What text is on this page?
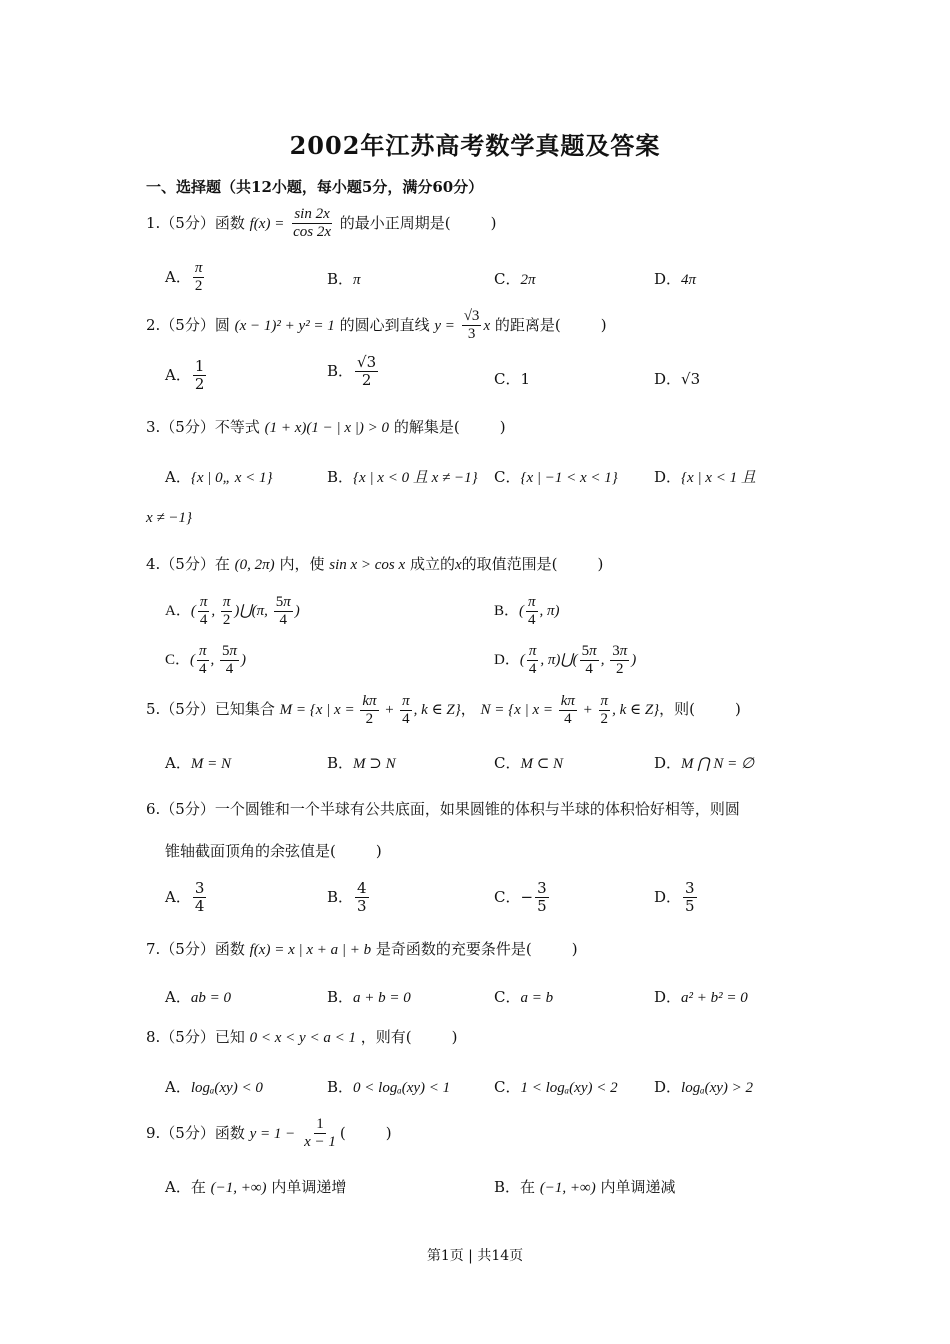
2002年江苏高考数学真题及答案
一、选择题（共12小题，每小题5分，满分60分）
1.（5分）函数 $f(x) = \frac{\sin 2x}{\cos 2x}$ 的最小正周期是(	)
A． $\frac{\pi}{2}$	B．π	C．2π	D．4π
2.（5分）圆 (x − 1)² + y² = 1 的圆心到直线 $y = \frac{√3}{3}$ x 的距离是(	)
A． $\frac{1}{2}$	B． $\frac{√3}{2}$	C．1	D．√3
3.（5分）不等式 (1 + x)(1 − | x |) > 0 的解集是(	)
A．{x | 0„ x < 1}	B．{x | x < 0 且 x ≠ −1} C．{x | −1 < x < 1} D．{x | x < 1 且
x ≠ −1}
4.（5分）在 (0, 2π) 内，使 sin x > cos x 成立的x的取值范围是(	)
A．( $\frac{\pi}{4}$ , $\frac{\pi}{2}$ )⋃(π, $\frac{5\pi}{4}$ )	B．( $\frac{\pi}{4}$ , π)
C．( $\frac{\pi}{4}$ , $\frac{5\pi}{4}$ )	D．( $\frac{\pi}{4}$ , π)⋃( $\frac{5\pi}{4}$ , $\frac{3\pi}{2}$ )
5.（5分）已知集合 M = {x | $x = \frac{k\pi}{2} + \frac{\pi}{4}$ , k ∈ Z}， N = {x | $x = \frac{k\pi}{4} + \frac{\pi}{2}$ , k ∈ Z}，则(	)
A．M = N	B．M ⊃ N	C．M ⊂ N	D．M ⋂ N = ∅
6.（5分）一个圆锥和一个半球有公共底面，如果圆锥的体积与半球的体积恰好相等，则圆
锥轴截面顶角的余弦值是(	)
A． $\frac{3}{4}$	B． $\frac{4}{3}$	C．− $\frac{3}{5}$	D． $\frac{3}{5}$
7.（5分）函数 f(x) = x | x + a | + b 是奇函数的充要条件是(	)
A．ab = 0	B．a + b = 0	C．a = b	D．a² + b² = 0
8.（5分）已知 0 < x < y < a < 1 ，则有(	)
A．logₐ(xy) < 0	B．0 < logₐ(xy) < 1	C．1 < logₐ(xy) < 2 D．logₐ(xy) > 2
9.（5分）函数 $y = 1 - \frac{1}{x - 1}$ (	)
A．在 (−1, +∞) 内单调递增	B．在 (−1, +∞) 内单调递减
第1页 | 共14页
